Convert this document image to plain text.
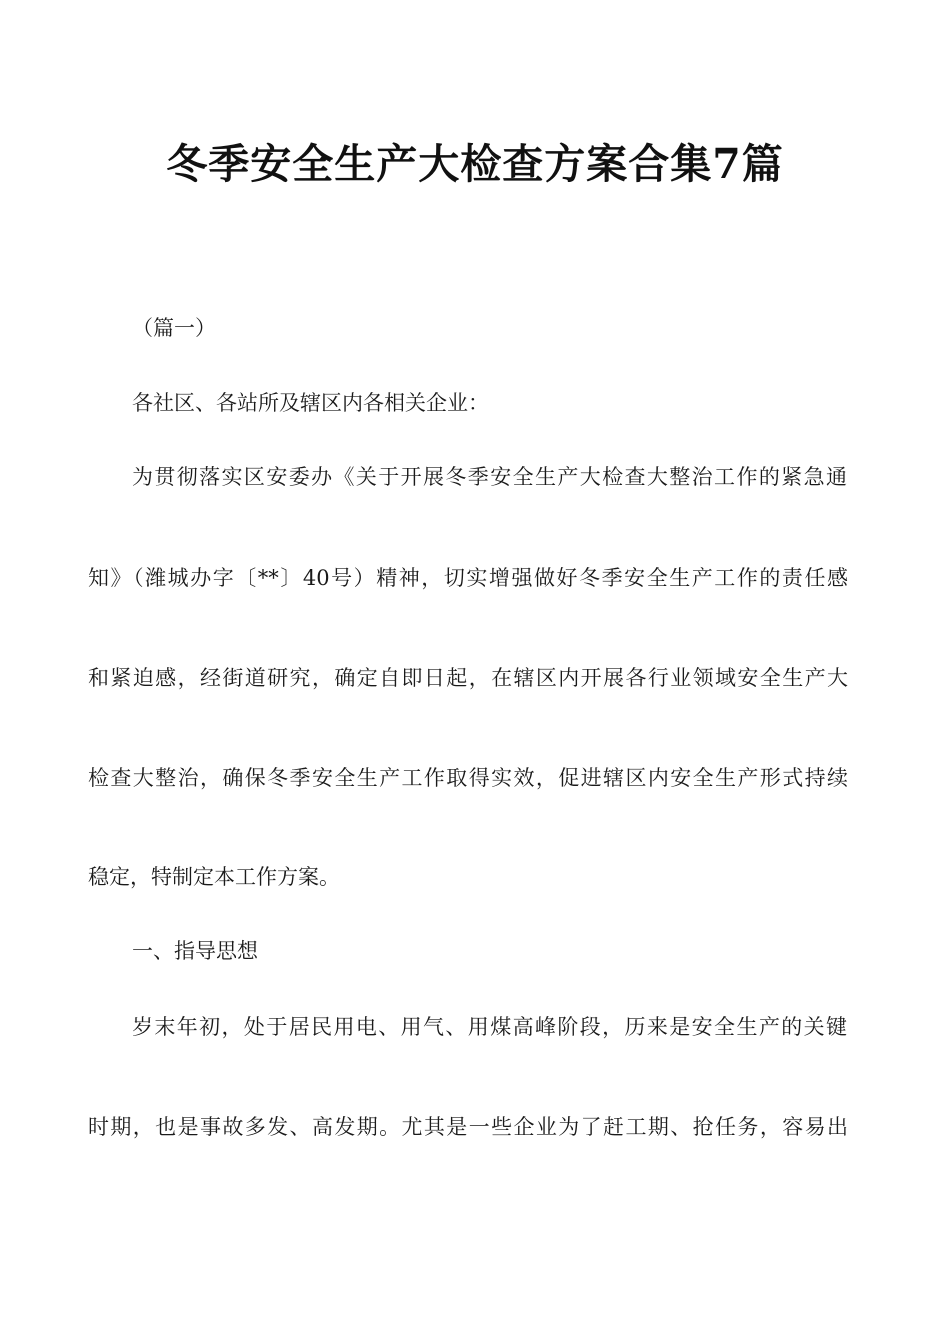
冬季安全生产大检查方案合集7篇

（篇一）

各社区、各站所及辖区内各相关企业：

为贯彻落实区安委办《关于开展冬季安全生产大检查大整治工作的紧急通

知》（潍城办字〔**〕40号）精神，切实增强做好冬季安全生产工作的责任感

和紧迫感，经街道研究，确定自即日起，在辖区内开展各行业领域安全生产大

检查大整治，确保冬季安全生产工作取得实效，促进辖区内安全生产形式持续

稳定，特制定本工作方案。

一、指导思想

岁末年初，处于居民用电、用气、用煤高峰阶段，历来是安全生产的关键

时期，也是事故多发、高发期。尤其是一些企业为了赶工期、抢任务，容易出
